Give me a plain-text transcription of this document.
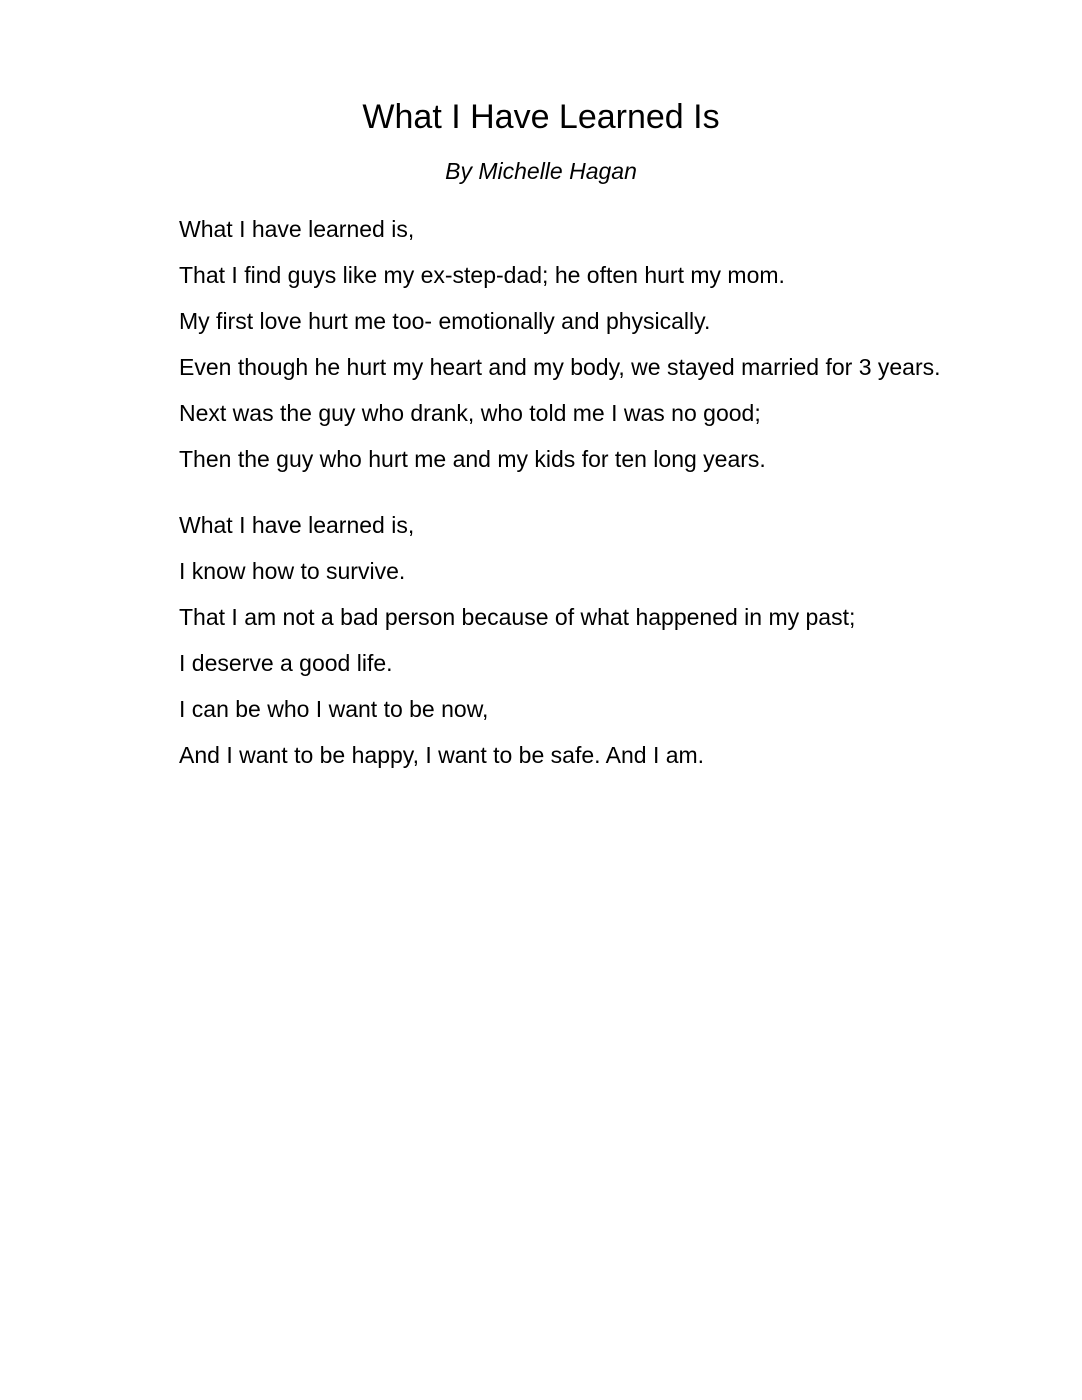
What I Have Learned Is

By Michelle Hagan

What I have learned is,
That I find guys like my ex-step-dad; he often hurt my mom.
My first love hurt me too- emotionally and physically.
Even though he hurt my heart and my body, we stayed married for 3 years.
Next was the guy who drank, who told me I was no good;
Then the guy who hurt me and my kids for ten long years.
What I have learned is,
I know how to survive.
That I am not a bad person because of what happened in my past;
I deserve a good life.
I can be who I want to be now,
And I want to be happy, I want to be safe. And I am.
